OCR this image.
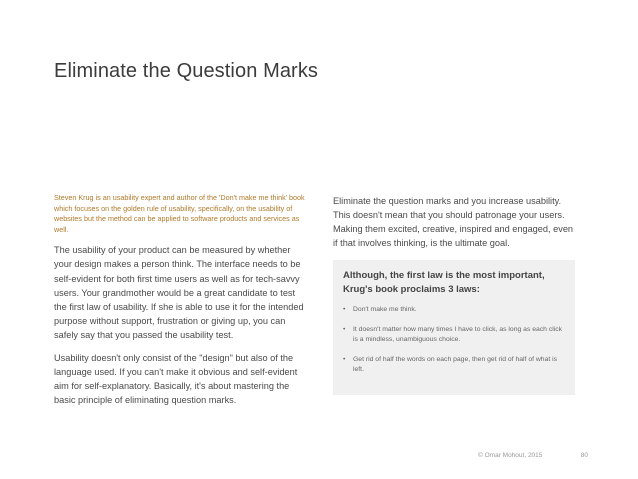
Eliminate the Question Marks

Steven Krug is an usability expert and author of the 'Don't make me think' book which focuses on the golden rule of usability, specifically, on the usability of websites but the method can be applied to software products and services as well.

The usability of your product can be measured by whether your design makes a person think. The interface needs to be self-evident for both first time users as well as for tech-savvy users. Your grandmother would be a great candidate to test the first law of usability. If she is able to use it for the intended purpose without support, frustration or giving up, you can safely say that you passed the usability test.

Usability doesn't only consist of the "design" but also of the language used. If you can't make it obvious and self-evident aim for self-explanatory. Basically, it's about mastering the basic principle of eliminating question marks.

Eliminate the question marks and you increase usability. This doesn't mean that you should patronage your users. Making them excited, creative, inspired and engaged, even if that involves thinking, is the ultimate goal.

Although, the first law is the most important, Krug's book proclaims 3 laws:

• Don't make me think.
• It doesn't matter how many times I have to click, as long as each click is a mindless, unambiguous choice.
• Get rid of half the words on each page, then get rid of half of what is left.
© Omar Mohout, 2015	80
